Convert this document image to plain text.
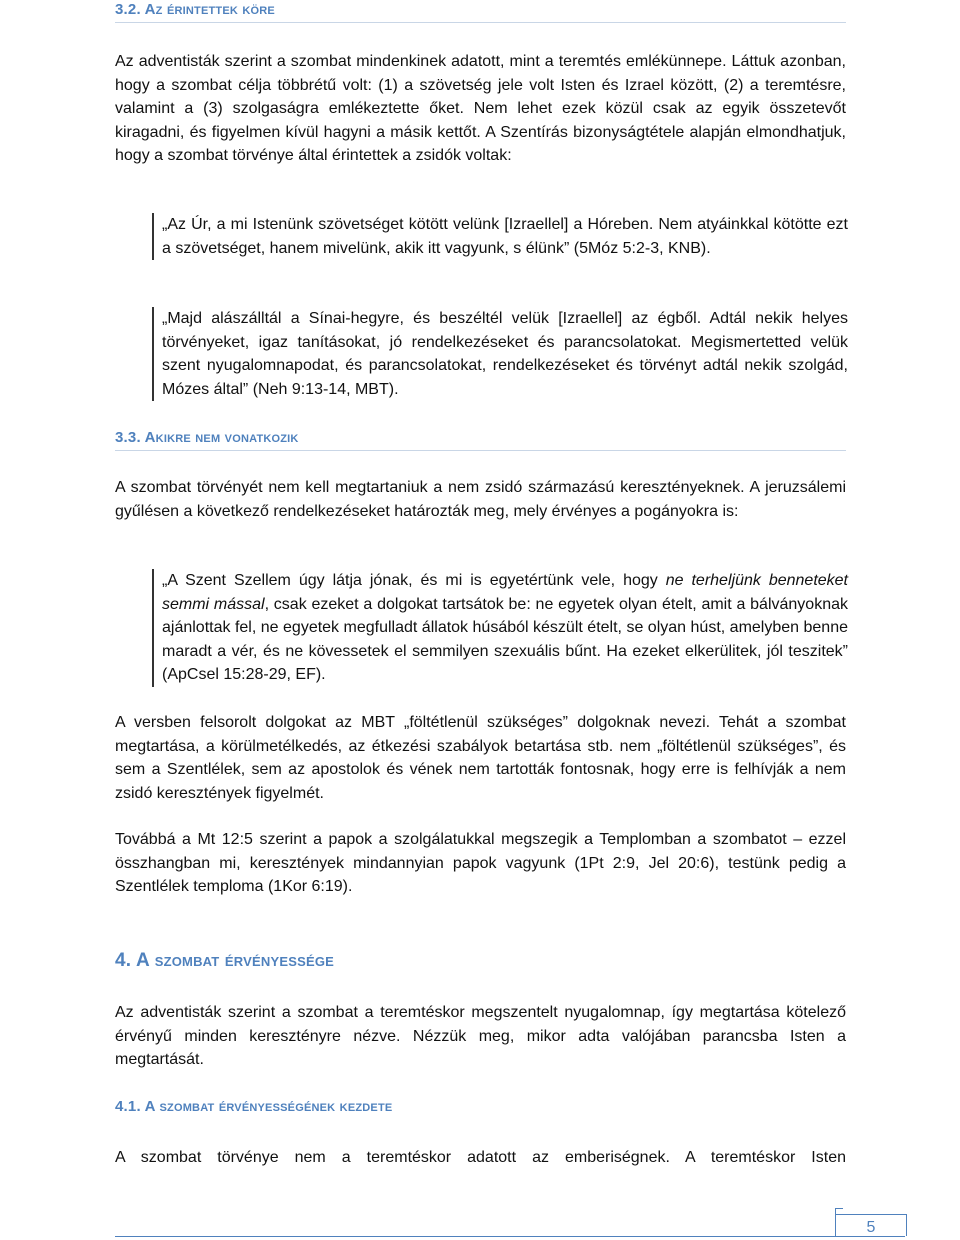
3.2. Az érintettek köre

Az adventisták szerint a szombat mindenkinek adatott, mint a teremtés emlékünnepe. Láttuk azonban, hogy a szombat célja többrétű volt: (1) a szövetség jele volt Isten és Izrael között, (2) a teremtésre, valamint a (3) szolgaságra emlékeztette őket. Nem lehet ezek közül csak az egyik összetevőt kiragadni, és figyelmen kívül hagyni a másik kettőt. A Szentírás bizonyságtétele alapján elmondhatjuk, hogy a szombat törvénye által érintettek a zsidók voltak:

„Az Úr, a mi Istenünk szövetséget kötött velünk [Izraellel] a Hóreben. Nem atyáinkkal kötötte ezt a szövetséget, hanem mivelünk, akik itt vagyunk, s élünk” (5Móz 5:2-3, KNB).

„Majd alászálltál a Sínai-hegyre, és beszéltél velük [Izraellel] az égből. Adtál nekik helyes törvényeket, igaz tanításokat, jó rendelkezéseket és parancsolatokat. Megismertetted velük szent nyugalomnapodat, és parancsolatokat, rendelkezéseket és törvényt adtál nekik szolgád, Mózes által” (Neh 9:13-14, MBT).

3.3. Akikre nem vonatkozik

A szombat törvényét nem kell megtartaniuk a nem zsidó származású keresztényeknek. A jeruzsálemi gyűlésen a következő rendelkezéseket határozták meg, mely érvényes a pogányokra is:

„A Szent Szellem úgy látja jónak, és mi is egyetértünk vele, hogy ne terheljünk benneteket semmi mással, csak ezeket a dolgokat tartsátok be: ne egyetek olyan ételt, amit a bálványoknak ajánlottak fel, ne egyetek megfulladt állatok húsából készült ételt, se olyan húst, amelyben benne maradt a vér, és ne kövessetek el semmilyen szexuális bűnt. Ha ezeket elkerülitek, jól teszitek” (ApCsel 15:28-29, EF).

A versben felsorolt dolgokat az MBT „föltétlenül szükséges” dolgoknak nevezi. Tehát a szombat megtartása, a körülmetélkedés, az étkezési szabályok betartása stb. nem „föltétlenül szükséges”, és sem a Szentlélek, sem az apostolok és vének nem tartották fontosnak, hogy erre is felhívják a nem zsidó keresztények figyelmét.

Továbbá a Mt 12:5 szerint a papok a szolgálatukkal megszegik a Templomban a szombatot – ezzel összhangban mi, keresztények mindannyian papok vagyunk (1Pt 2:9, Jel 20:6), testünk pedig a Szentlélek temploma (1Kor 6:19).

4. A szombat érvényessége

Az adventisták szerint a szombat a teremtéskor megszentelt nyugalomnap, így megtartása kötelező érvényű minden keresztényre nézve. Nézzük meg, mikor adta valójában parancsba Isten a megtartását.

4.1. A szombat érvényességének kezdete

A szombat törvénye nem a teremtéskor adatott az emberiségnek. A teremtéskor Isten

5
